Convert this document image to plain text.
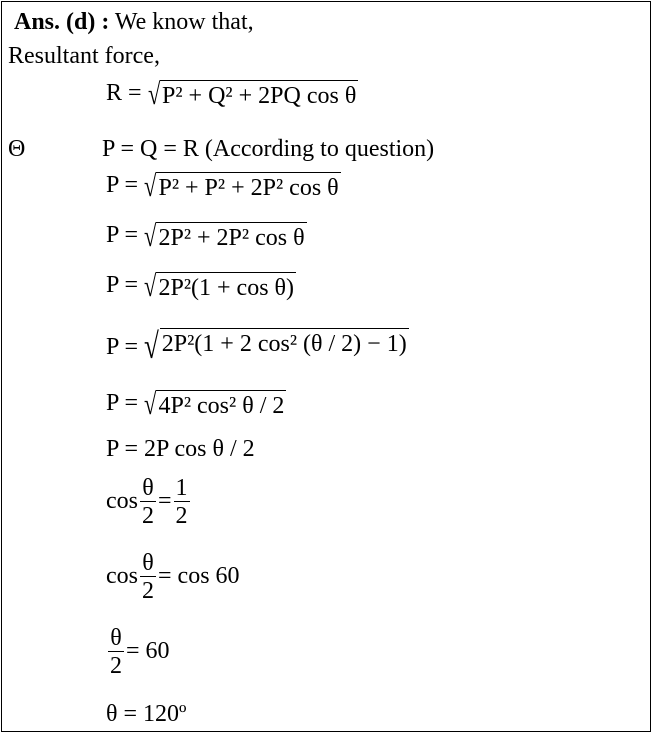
Ans. (d) : We know that,
Resultant force,
R = √ P² + Q² + 2PQ cos θ
Θ	P = Q = R (According to question)
P = √ P² + P² + 2P² cos θ
P = √ 2P² + 2P² cos θ
P = √ 2P²(1 + cos θ)
P = √ 2P²(1 + 2 cos² (θ / 2) − 1)
P = √ 4P² cos² θ / 2
P = 2P cos θ / 2
$\cos \frac{\theta}{2} = \frac{1}{2}$
$\cos \frac{\theta}{2} = \cos 60$
$\frac{\theta}{2} = 60$
θ = 120º
